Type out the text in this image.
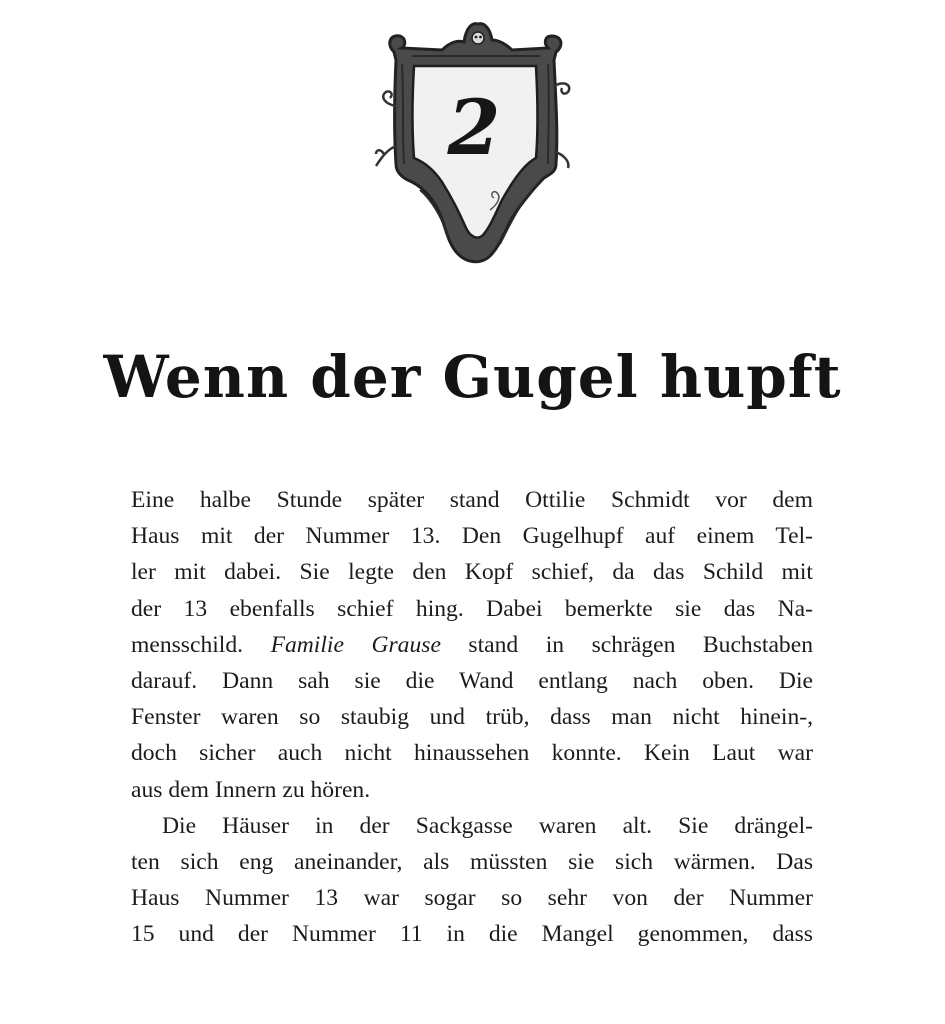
2
Wenn der Gugel hupft
Eine halbe Stunde später stand Ottilie Schmidt vor dem
Haus mit der Nummer 13. Den Gugelhupf auf einem Tel-
ler mit dabei. Sie legte den Kopf schief, da das Schild mit
der 13 ebenfalls schief hing. Dabei bemerkte sie das Na-
mensschild. Familie Grause stand in schrägen Buchstaben
darauf. Dann sah sie die Wand entlang nach oben. Die
Fenster waren so staubig und trüb, dass man nicht hinein-,
doch sicher auch nicht hinaussehen konnte. Kein Laut war
aus dem Innern zu hören.
Die Häuser in der Sackgasse waren alt. Sie drängel-
ten sich eng aneinander, als müssten sie sich wärmen. Das
Haus Nummer 13 war sogar so sehr von der Nummer
15 und der Nummer 11 in die Mangel genommen, dass
